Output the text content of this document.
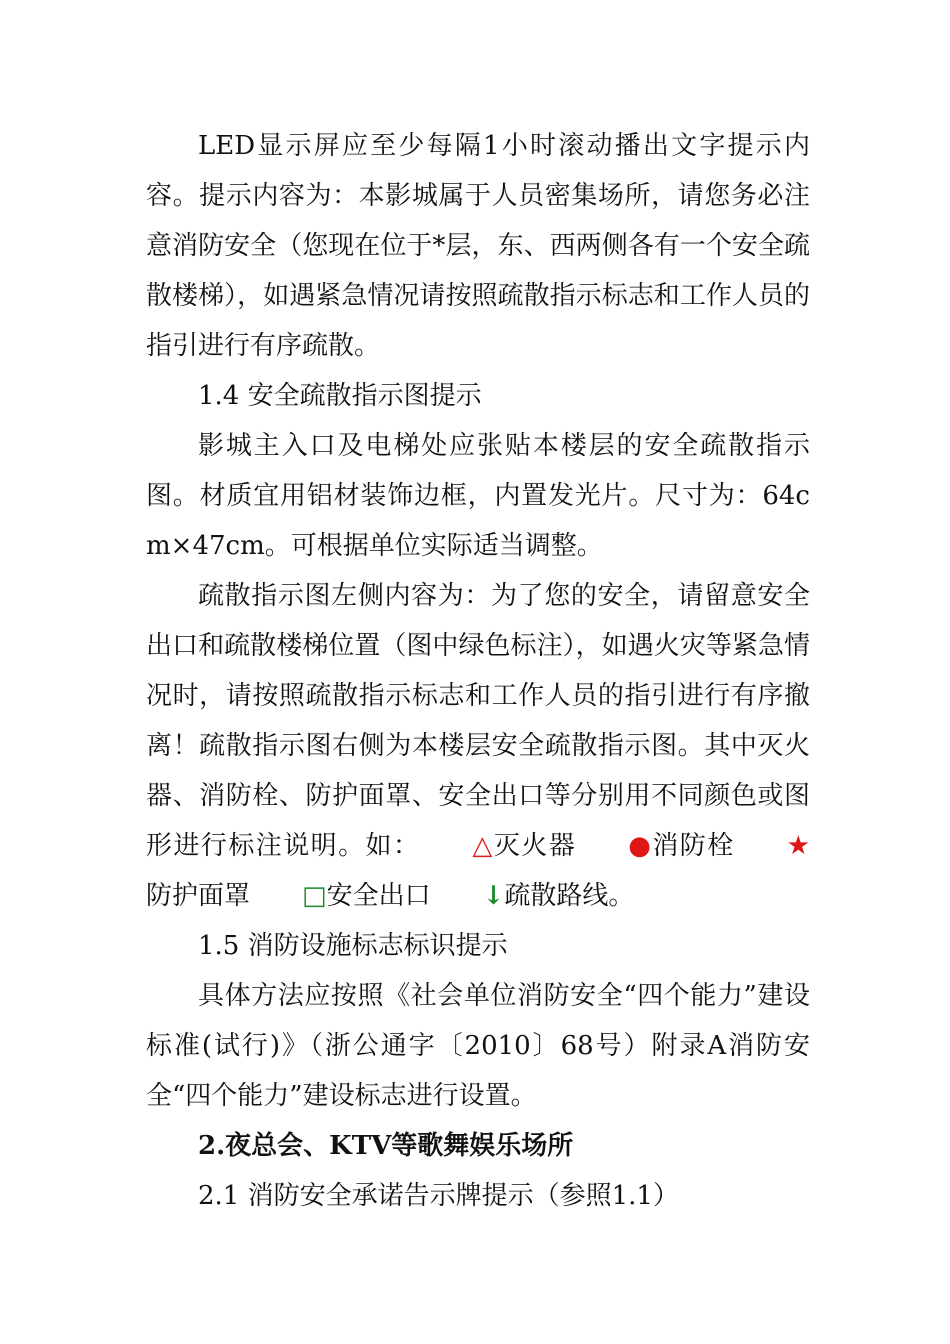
LED显示屏应至少每隔1小时滚动播出文字提示内容。提示内容为：本影城属于人员密集场所，请您务必注意消防安全（您现在位于*层，东、西两侧各有一个安全疏散楼梯），如遇紧急情况请按照疏散指示标志和工作人员的指引进行有序疏散。

1.4 安全疏散指示图提示

影城主入口及电梯处应张贴本楼层的安全疏散指示图。材质宜用铝材装饰边框，内置发光片。尺寸为：64cm×47cm。可根据单位实际适当调整。

疏散指示图左侧内容为：为了您的安全，请留意安全出口和疏散楼梯位置（图中绿色标注），如遇火灾等紧急情况时，请按照疏散指示标志和工作人员的指引进行有序撤离！疏散指示图右侧为本楼层安全疏散指示图。其中灭火器、消防栓、防护面罩、安全出口等分别用不同颜色或图形进行标注说明。如： △灭火器 ●消防栓 ★防护面罩 □安全出口 ↓疏散路线。

1.5 消防设施标志标识提示

具体方法应按照《社会单位消防安全“四个能力”建设标准(试行)》（浙公通字〔2010〕68号）附录A消防安全“四个能力”建设标志进行设置。

2.夜总会、KTV等歌舞娱乐场所

2.1 消防安全承诺告示牌提示（参照1.1）
